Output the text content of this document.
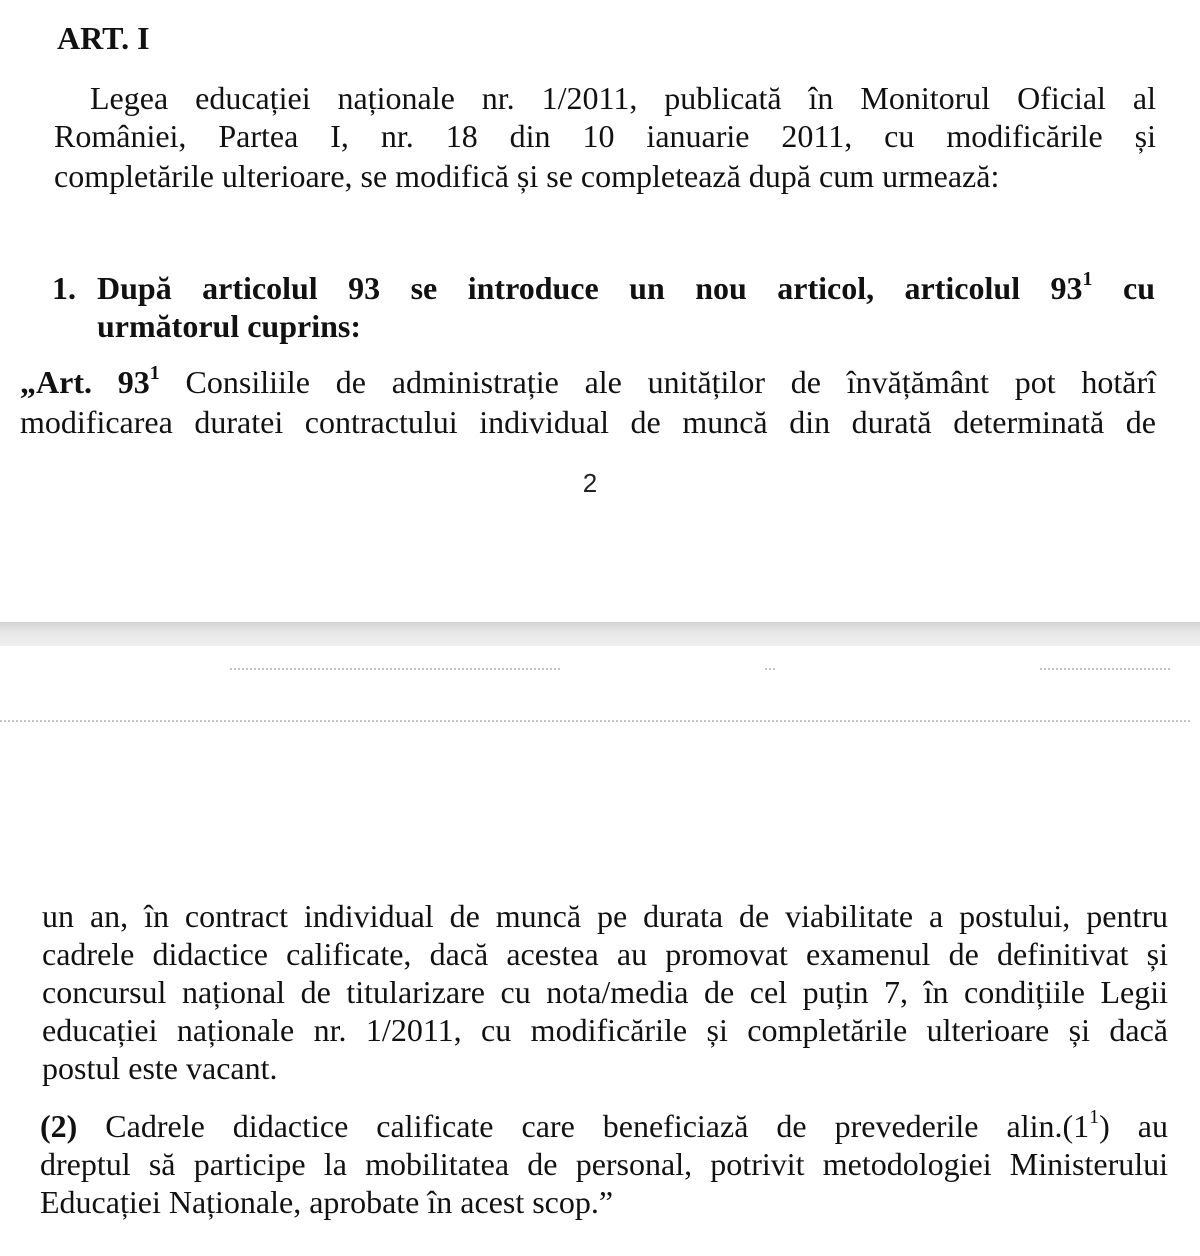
ART. I
Legea educației naționale nr. 1/2011, publicată în Monitorul Oficial al
României, Partea I, nr. 18 din 10 ianuarie 2011, cu modificările și
completările ulterioare, se modifică și se completează după cum urmează:
1. După articolul 93 se introduce un nou articol, articolul $93^1$ cu
următorul cuprins:
„Art. $93^1$ Consiliile de administrație ale unităților de învățământ pot hotărî
modificarea duratei contractului individual de muncă din durată determinată de
2
un an, în contract individual de muncă pe durata de viabilitate a postului, pentru
cadrele didactice calificate, dacă acestea au promovat examenul de definitivat și
concursul național de titularizare cu nota/media de cel puțin 7, în condițiile Legii
educației naționale nr. 1/2011, cu modificările și completările ulterioare și dacă
postul este vacant.
(2) Cadrele didactice calificate care beneficiază de prevederile $alin.(1^1)$ au
dreptul să participe la mobilitatea de personal, potrivit metodologiei Ministerului
Educației Naționale, aprobate în acest scop.”
